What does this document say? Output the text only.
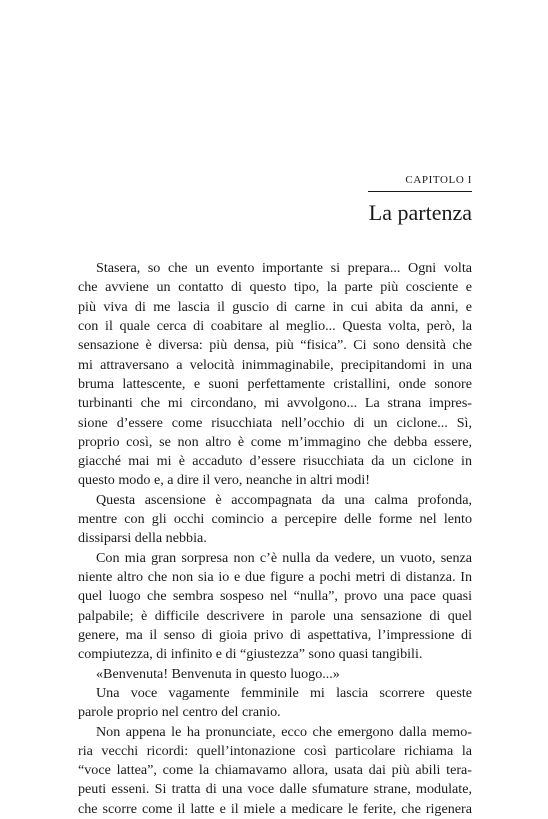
CAPITOLO I
La partenza
Stasera, so che un evento importante si prepara... Ogni volta
che avviene un contatto di questo tipo, la parte più cosciente e
più viva di me lascia il guscio di carne in cui abita da anni, e
con il quale cerca di coabitare al meglio... Questa volta, però, la
sensazione è diversa: più densa, più “fisica”. Ci sono densità che
mi attraversano a velocità inimmaginabile, precipitandomi in una
bruma lattescente, e suoni perfettamente cristallini, onde sonore
turbinanti che mi circondano, mi avvolgono... La strana impres-
sione d’essere come risucchiata nell’occhio di un ciclone... Sì,
proprio così, se non altro è come m’immagino che debba essere,
giacché mai mi è accaduto d’essere risucchiata da un ciclone in
questo modo e, a dire il vero, neanche in altri modi!
Questa ascensione è accompagnata da una calma profonda,
mentre con gli occhi comincio a percepire delle forme nel lento
dissiparsi della nebbia.
Con mia gran sorpresa non c’è nulla da vedere, un vuoto, senza
niente altro che non sia io e due figure a pochi metri di distanza. In
quel luogo che sembra sospeso nel “nulla”, provo una pace quasi
palpabile; è difficile descrivere in parole una sensazione di quel
genere, ma il senso di gioia privo di aspettativa, l’impressione di
compiutezza, di infinito e di “giustezza” sono quasi tangibili.
«Benvenuta! Benvenuta in questo luogo...»
Una voce vagamente femminile mi lascia scorrere queste
parole proprio nel centro del cranio.
Non appena le ha pronunciate, ecco che emergono dalla memo-
ria vecchi ricordi: quell’intonazione così particolare richiama la
“voce lattea”, come la chiamavamo allora, usata dai più abili tera-
peuti esseni. Si tratta di una voce dalle sfumature strane, modulate,
che scorre come il latte e il miele a medicare le ferite, che rigenera
